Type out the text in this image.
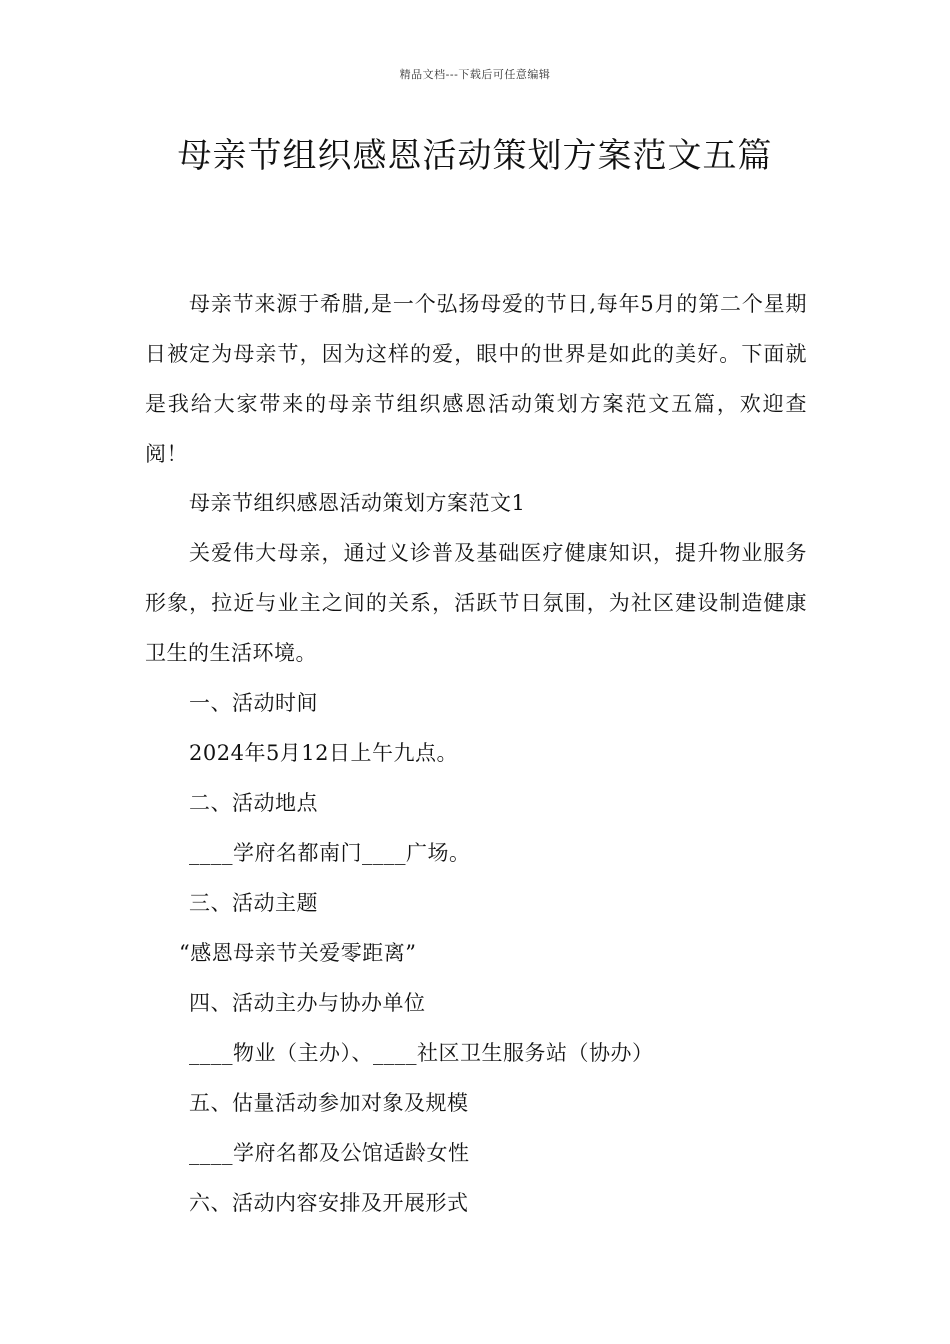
精品文档---下载后可任意编辑
母亲节组织感恩活动策划方案范文五篇

母亲节来源于希腊,是一个弘扬母爱的节日,每年5月的第二个星期日被定为母亲节，因为这样的爱，眼中的世界是如此的美好。下面就是我给大家带来的母亲节组织感恩活动策划方案范文五篇，欢迎查阅！

母亲节组织感恩活动策划方案范文1

关爱伟大母亲，通过义诊普及基础医疗健康知识，提升物业服务形象，拉近与业主之间的关系，活跃节日氛围，为社区建设制造健康卫生的生活环境。

一、活动时间

2024年5月12日上午九点。

二、活动地点

____学府名都南门____广场。

三、活动主题

“感恩母亲节关爱零距离”

四、活动主办与协办单位

____物业（主办）、____社区卫生服务站（协办）

五、估量活动参加对象及规模

____学府名都及公馆适龄女性

六、活动内容安排及开展形式
